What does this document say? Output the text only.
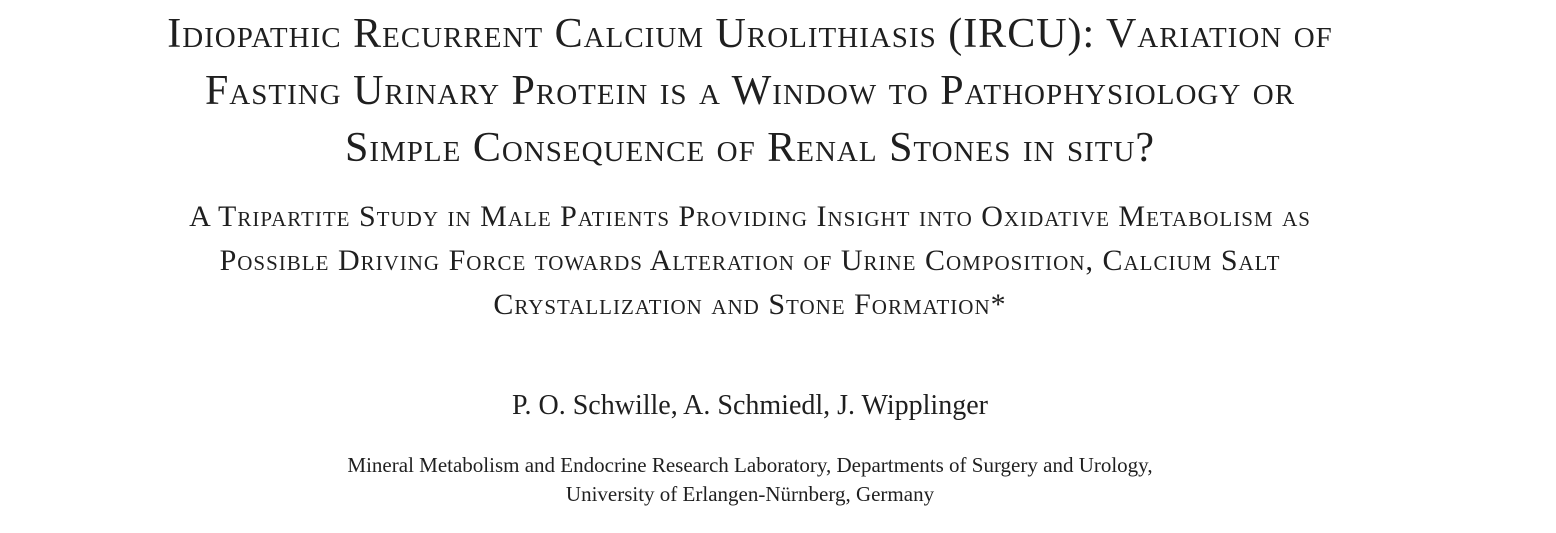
Idiopathic Recurrent Calcium Urolithiasis (IRCU): Variation of
Fasting Urinary Protein is a Window to Pathophysiology or
Simple Consequence of Renal Stones in situ?
A Tripartite Study in Male Patients Providing Insight into Oxidative Metabolism as
Possible Driving Force towards Alteration of Urine Composition, Calcium Salt
Crystallization and Stone Formation*
P. O. Schwille, A. Schmiedl, J. Wipplinger
Mineral Metabolism and Endocrine Research Laboratory, Departments of Surgery and Urology,
University of Erlangen-Nürnberg, Germany
